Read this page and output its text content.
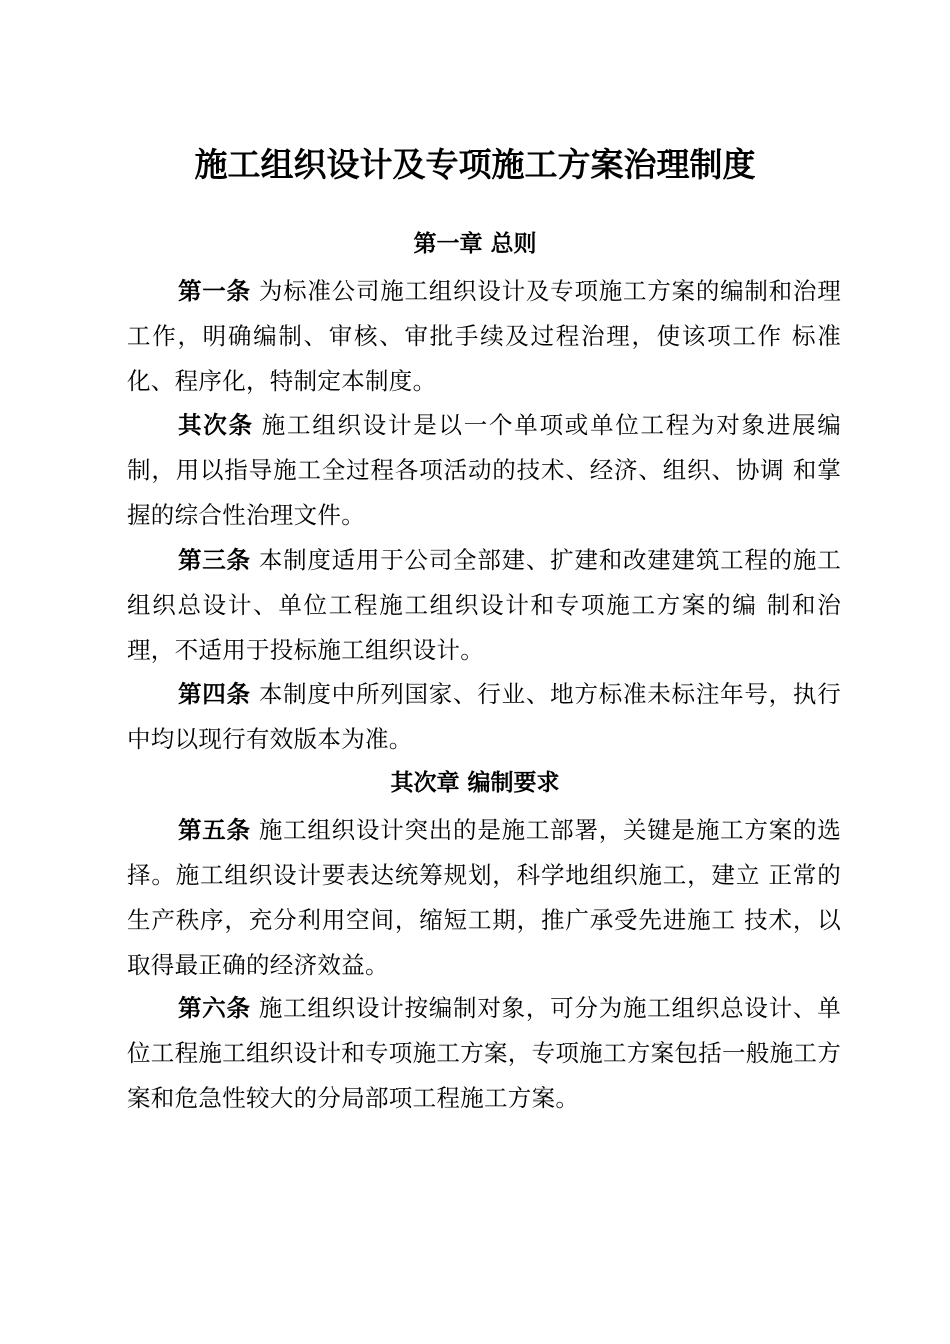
施工组织设计及专项施工方案治理制度
第一章 总则

第一条 为标准公司施工组织设计及专项施工方案的编制和治理工作，明确编制、审核、审批手续及过程治理，使该项工作 标准化、程序化，特制定本制度。

其次条 施工组织设计是以一个单项或单位工程为对象进展编制，用以指导施工全过程各项活动的技术、经济、组织、协调 和掌握的综合性治理文件。

第三条 本制度适用于公司全部建、扩建和改建建筑工程的施工组织总设计、单位工程施工组织设计和专项施工方案的编 制和治理，不适用于投标施工组织设计。

第四条 本制度中所列国家、行业、地方标准未标注年号，执行中均以现行有效版本为准。

其次章 编制要求

第五条 施工组织设计突出的是施工部署，关键是施工方案的选择。施工组织设计要表达统筹规划，科学地组织施工，建立 正常的生产秩序，充分利用空间，缩短工期，推广承受先进施工 技术，以取得最正确的经济效益。

第六条 施工组织设计按编制对象，可分为施工组织总设计、单位工程施工组织设计和专项施工方案，专项施工方案包括一般施工方案和危急性较大的分局部项工程施工方案。
